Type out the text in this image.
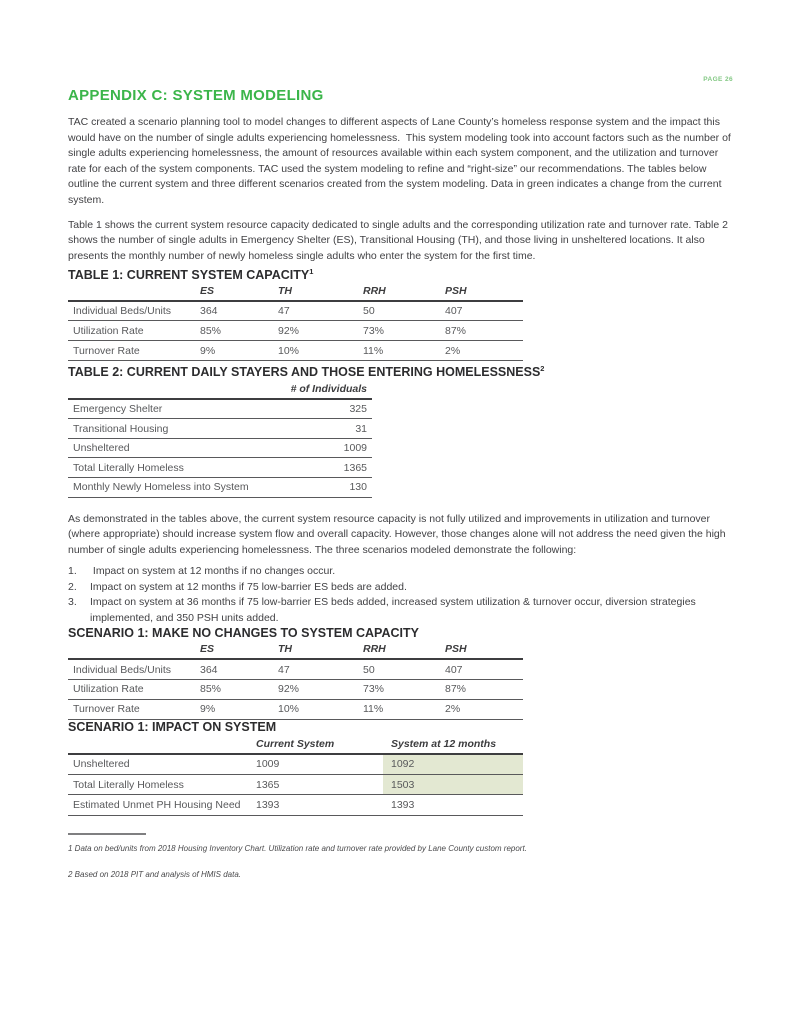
PAGE 26
APPENDIX C: SYSTEM MODELING

TAC created a scenario planning tool to model changes to different aspects of Lane County’s homeless response system and the impact this would have on the number of single adults experiencing homelessness.  This system modeling took into account factors such as the number of single adults experiencing homelessness, the amount of resources available within each system component, and the utilization and turnover rate for each of the system components. TAC used the system modeling to refine and “right-size” our recommendations. The tables below outline the current system and three different scenarios created from the system modeling. Data in green indicates a change from the current system.

Table 1 shows the current system resource capacity dedicated to single adults and the corresponding utilization rate and turnover rate. Table 2 shows the number of single adults in Emergency Shelter (ES), Transitional Housing (TH), and those living in unsheltered locations. It also presents the monthly number of newly homeless single adults who enter the system for the first time.

TABLE 1: CURRENT SYSTEM CAPACITY$^1$
	ES	TH	RRH	PSH
Individual Beds/Units	364	47	50	407
Utilization Rate	85%	92%	73%	87%
Turnover Rate	9%	10%	11%	2%
TABLE 2: CURRENT DAILY STAYERS AND THOSE ENTERING HOMELESSNESS$^2$
	# of Individuals
Emergency Shelter	325
Transitional Housing	31
Unsheltered	1009
Total Literally Homeless	1365
Monthly Newly Homeless into System	130

As demonstrated in the tables above, the current system resource capacity is not fully utilized and improvements in utilization and turnover (where appropriate) should increase system flow and overall capacity. However, those changes alone will not address the need given the high number of single adults experiencing homelessness. The three scenarios modeled demonstrate the following:

1.	Impact on system at 12 months if no changes occur.
2.	Impact on system at 12 months if 75 low-barrier ES beds are added.
3.	Impact on system at 36 months if 75 low-barrier ES beds added, increased system utilization & turnover occur, diversion strategies implemented, and 350 PSH units added.
SCENARIO 1: MAKE NO CHANGES TO SYSTEM CAPACITY
	ES	TH	RRH	PSH
Individual Beds/Units	364	47	50	407
Utilization Rate	85%	92%	73%	87%
Turnover Rate	9%	10%	11%	2%
SCENARIO 1: IMPACT ON SYSTEM
	Current System	System at 12 months
Unsheltered	1009	1092
Total Literally Homeless	1365	1503
Estimated Unmet PH Housing Need	1393	1393

1 Data on bed/units from 2018 Housing Inventory Chart. Utilization rate and turnover rate provided by Lane County custom report.

2 Based on 2018 PIT and analysis of HMIS data.
